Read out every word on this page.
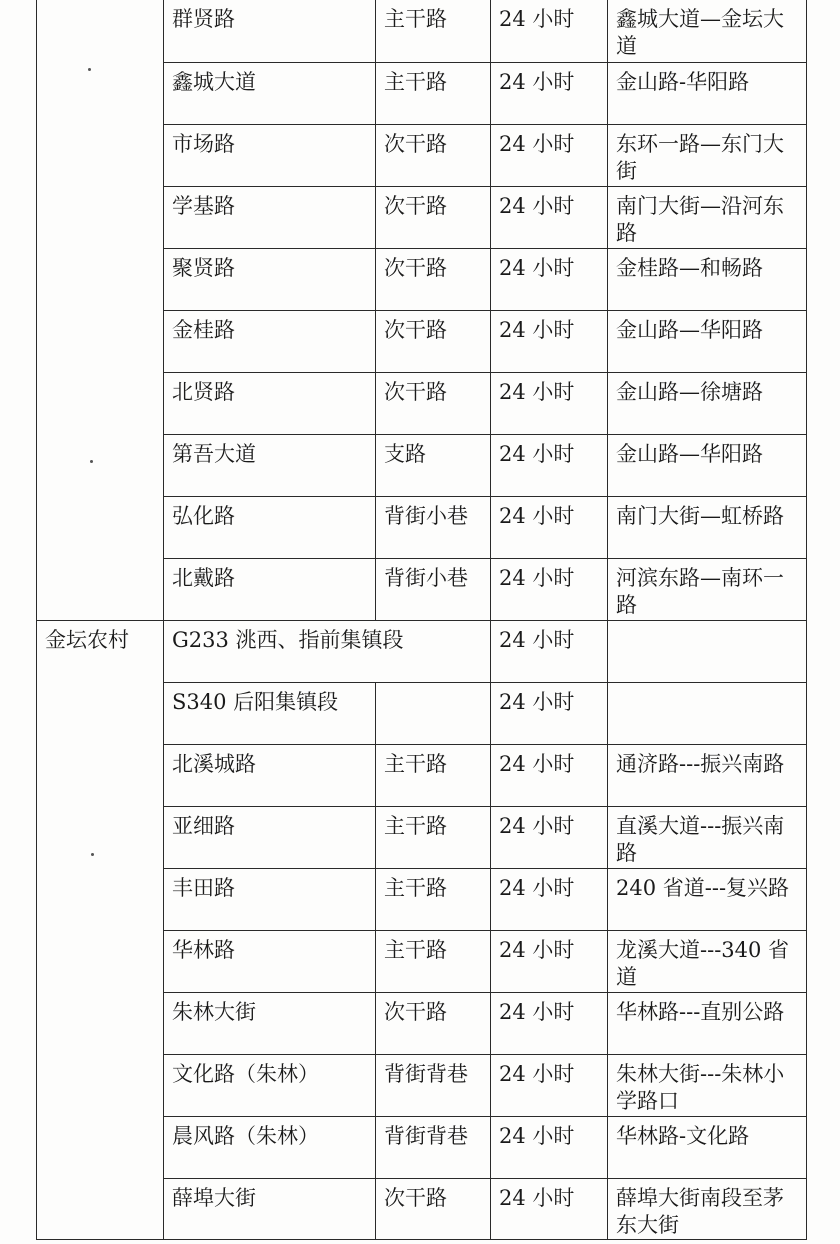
	群贤路	主干路	24 小时	鑫城大道—金坛大道
	鑫城大道	主干路	24 小时	金山路-华阳路
	市场路	次干路	24 小时	东环一路—东门大街
	学基路	次干路	24 小时	南门大街—沿河东路
	聚贤路	次干路	24 小时	金桂路—和畅路
	金桂路	次干路	24 小时	金山路—华阳路
	北贤路	次干路	24 小时	金山路—徐塘路
	第吾大道	支路	24 小时	金山路—华阳路
	弘化路	背街小巷	24 小时	南门大街—虹桥路
	北戴路	背街小巷	24 小时	河滨东路—南环一路
金坛农村	G233 洮西、指前集镇段		24 小时	
	S340 后阳集镇段		24 小时	
	北溪城路	主干路	24 小时	通济路---振兴南路
	亚细路	主干路	24 小时	直溪大道---振兴南路
	丰田路	主干路	24 小时	240 省道---复兴路
	华林路	主干路	24 小时	龙溪大道---340 省道
	朱林大街	次干路	24 小时	华林路---直别公路
	文化路（朱林）	背街背巷	24 小时	朱林大街---朱林小学路口
	晨风路（朱林）	背街背巷	24 小时	华林路-文化路
	薛埠大街	次干路	24 小时	薛埠大街南段至茅东大街
